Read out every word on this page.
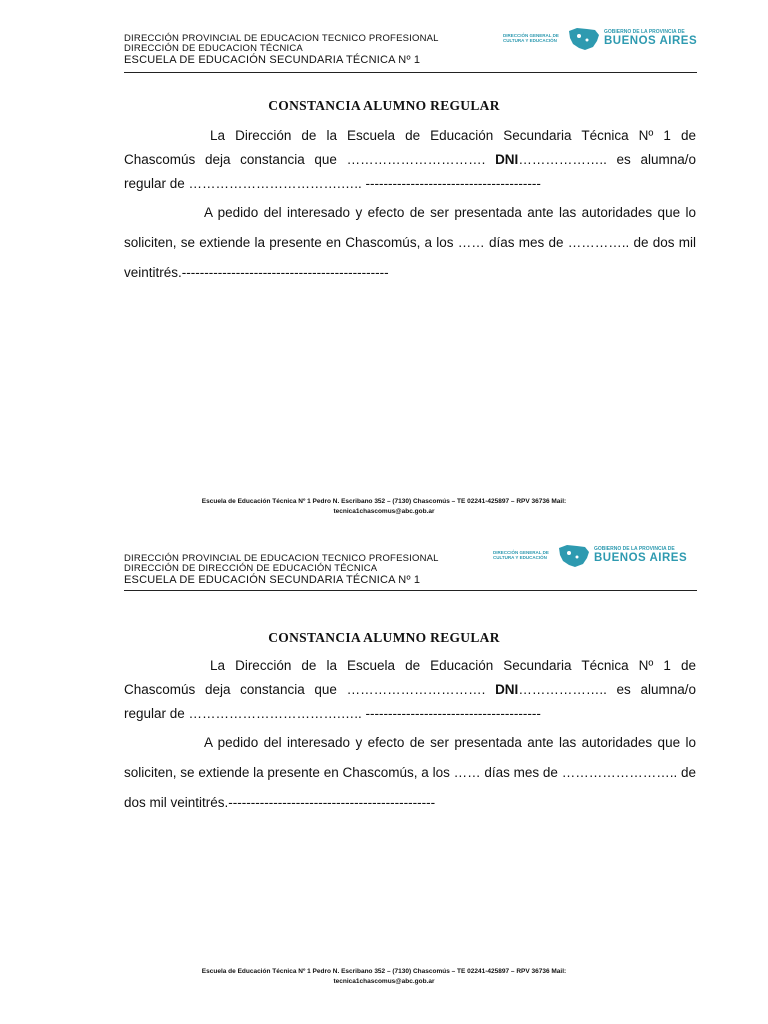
DIRECCIÓN PROVINCIAL DE EDUCACION TECNICO PROFESIONAL
DIRECCIÓN DE EDUCACION TÉCNICA
ESCUELA DE EDUCACIÓN SECUNDARIA TÉCNICA Nº 1
DIRECCIÓN GENERAL DE CULTURA Y EDUCACIÓN
GOBIERNO DE LA PROVINCIA DE
BUENOS AIRES
CONSTANCIA ALUMNO REGULAR
La Dirección de la Escuela de Educación Secundaria Técnica Nº 1 de Chascomús deja constancia que …………………………. DNI……………….. es alumna/o regular de …………………………….….. ---------------------------------------
A pedido del interesado y efecto de ser presentada ante las autoridades que lo soliciten, se extiende la presente en Chascomús, a los …… días mes de ………….. de dos mil veintitrés.----------------------------------------------
Escuela de Educación Técnica Nº 1 Pedro N. Escribano 352 – (7130) Chascomús – TE 02241-425897 – RPV 36736 Mail:
tecnica1chascomus@abc.gob.ar
DIRECCIÓN PROVINCIAL DE EDUCACION TECNICO PROFESIONAL
DIRECCIÓN DE DIRECCIÓN DE EDUCACIÓN TÉCNICA
ESCUELA DE EDUCACIÓN SECUNDARIA TÉCNICA Nº 1
DIRECCIÓN GENERAL DE CULTURA Y EDUCACIÓN
GOBIERNO DE LA PROVINCIA DE
BUENOS AIRES
CONSTANCIA ALUMNO REGULAR
La Dirección de la Escuela de Educación Secundaria Técnica Nº 1 de Chascomús deja constancia que …………………………. DNI……………….. es alumna/o regular de …………………………….….. ---------------------------------------
A pedido del interesado y efecto de ser presentada ante las autoridades que lo soliciten, se extiende la presente en Chascomús, a los …… días mes de …………………….. de dos mil veintitrés.----------------------------------------------
Escuela de Educación Técnica Nº 1 Pedro N. Escribano 352 – (7130) Chascomús – TE 02241-425897 – RPV 36736 Mail:
tecnica1chascomus@abc.gob.ar
